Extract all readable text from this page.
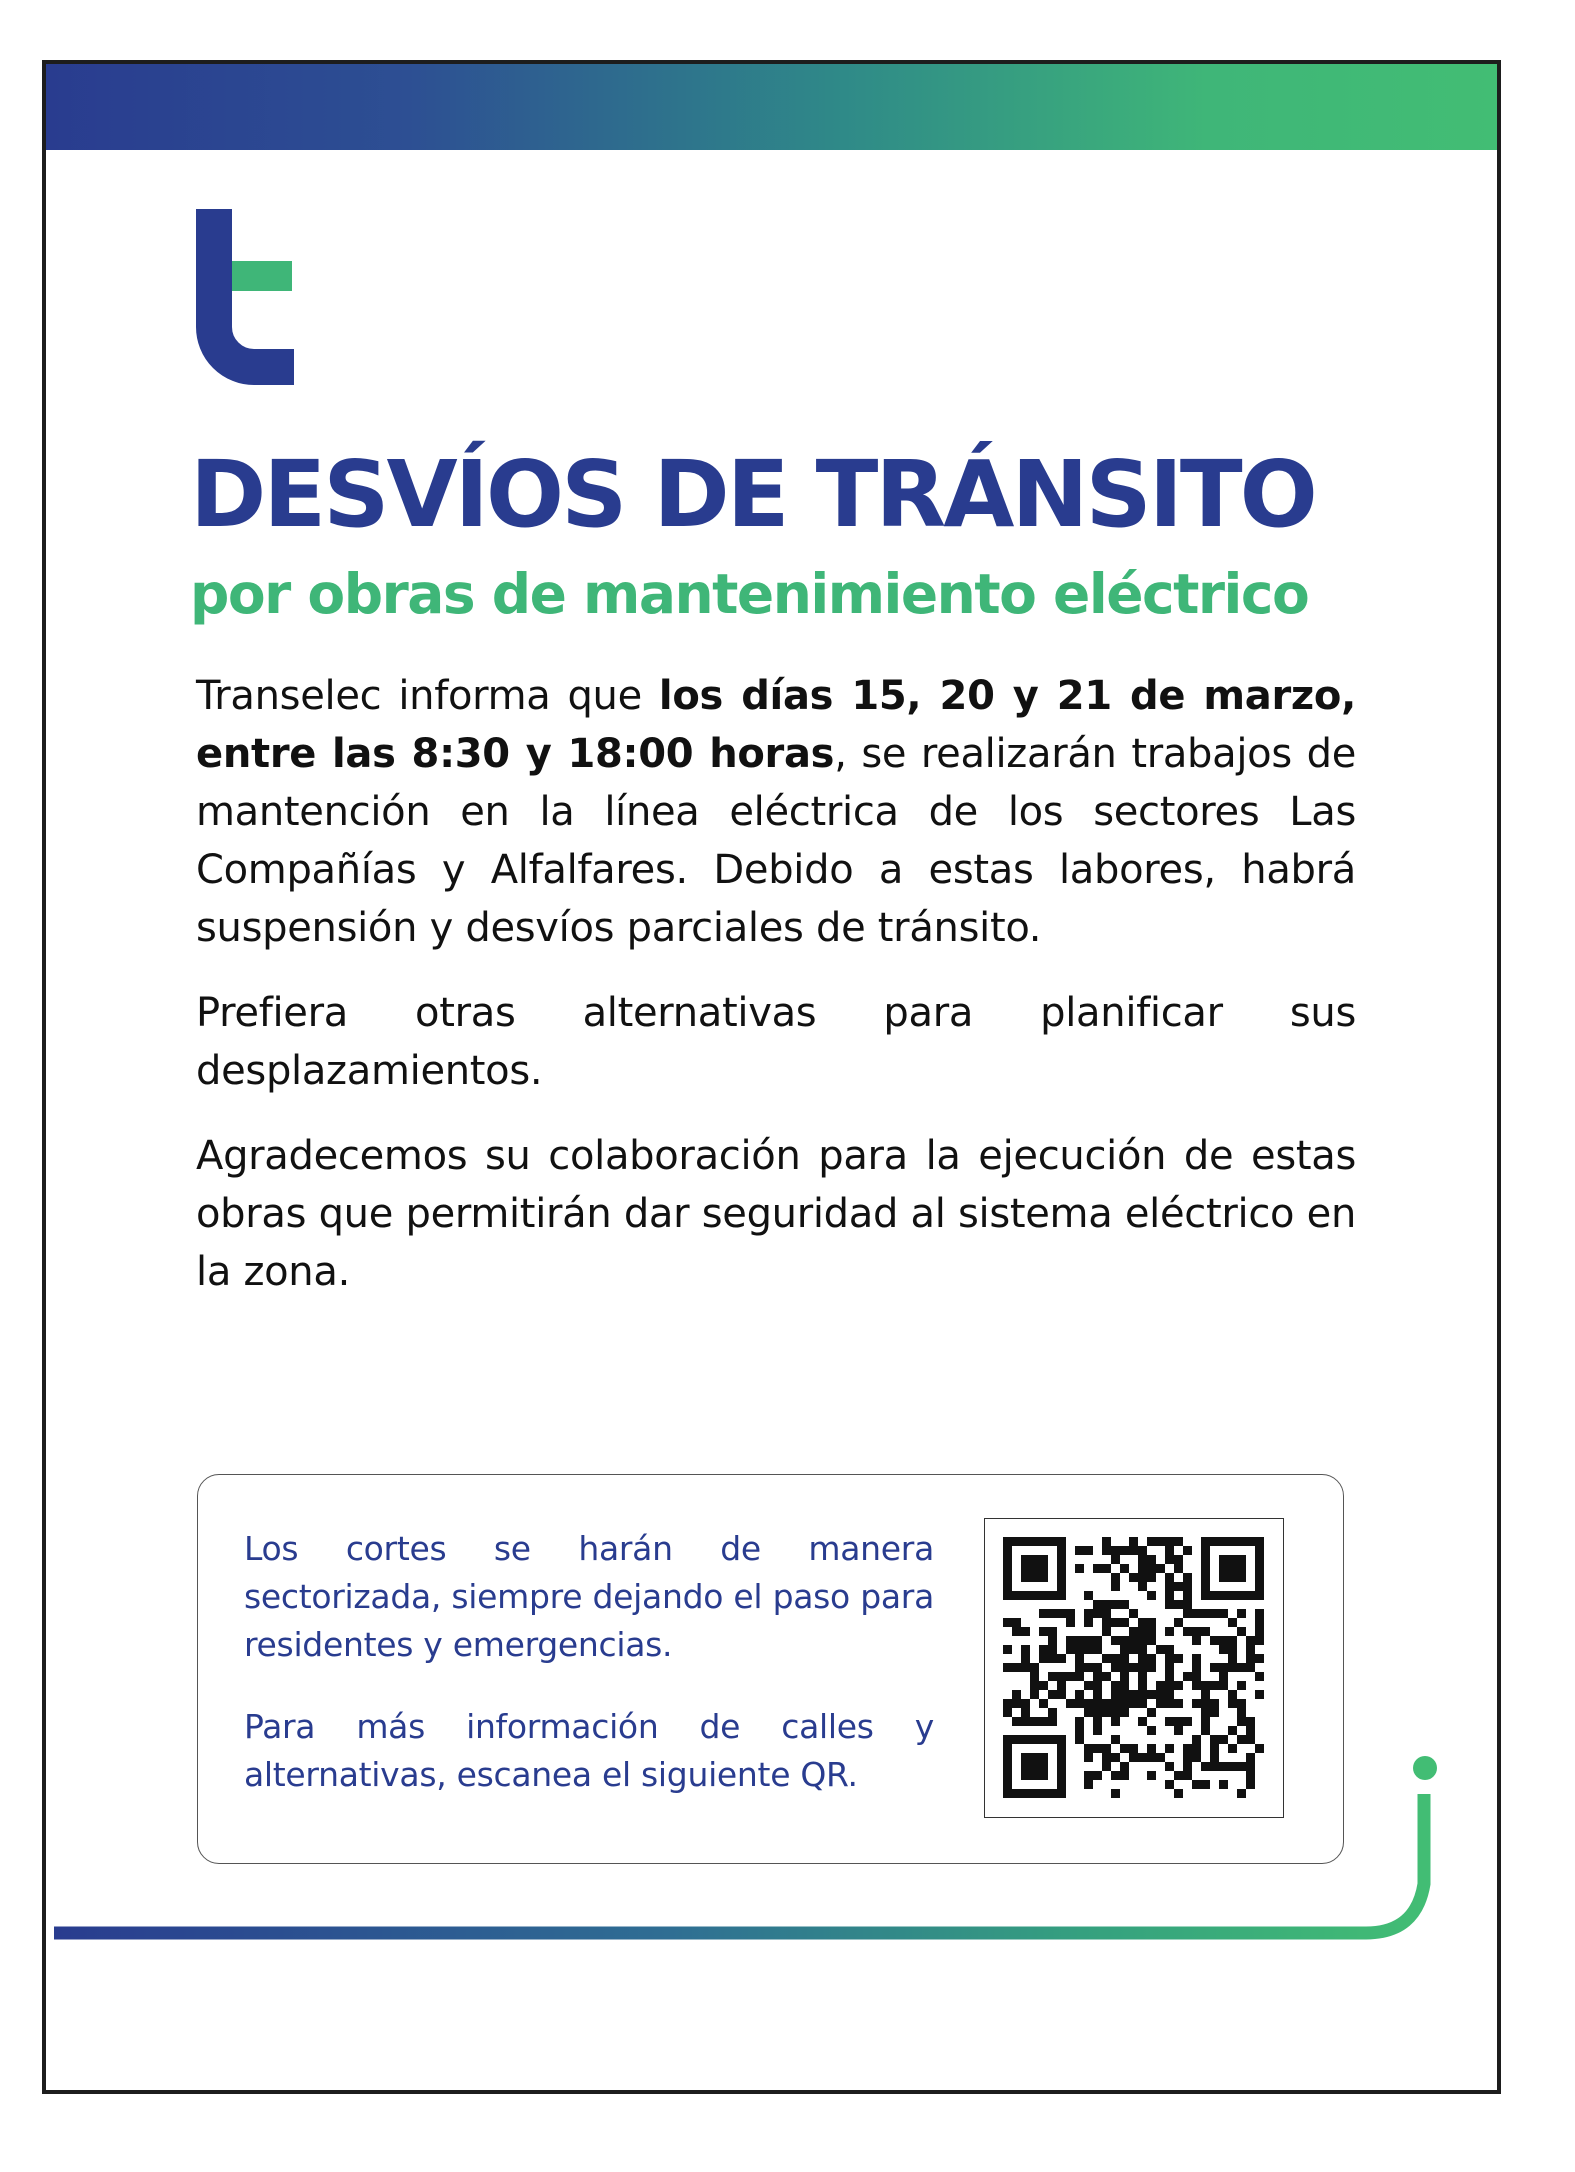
DESVÍOS DE TRÁNSITO
por obras de mantenimiento eléctrico

Transelec informa que los días 15, 20 y 21 de marzo, entre las 8:30 y 18:00 horas, se realizarán trabajos de mantención en la línea eléctrica de los sectores Las Compañías y Alfalfares. Debido a estas labores, habrá suspensión y desvíos parciales de tránsito.

Prefiera otras alternativas para planificar sus desplazamientos.

Agradecemos su colaboración para la ejecución de estas obras que permitirán dar seguridad al sistema eléctrico en la zona.

Los cortes se harán de manera sectorizada, siempre dejando el paso para residentes y emergencias.

Para más información de calles y alternativas, escanea el siguiente QR.
